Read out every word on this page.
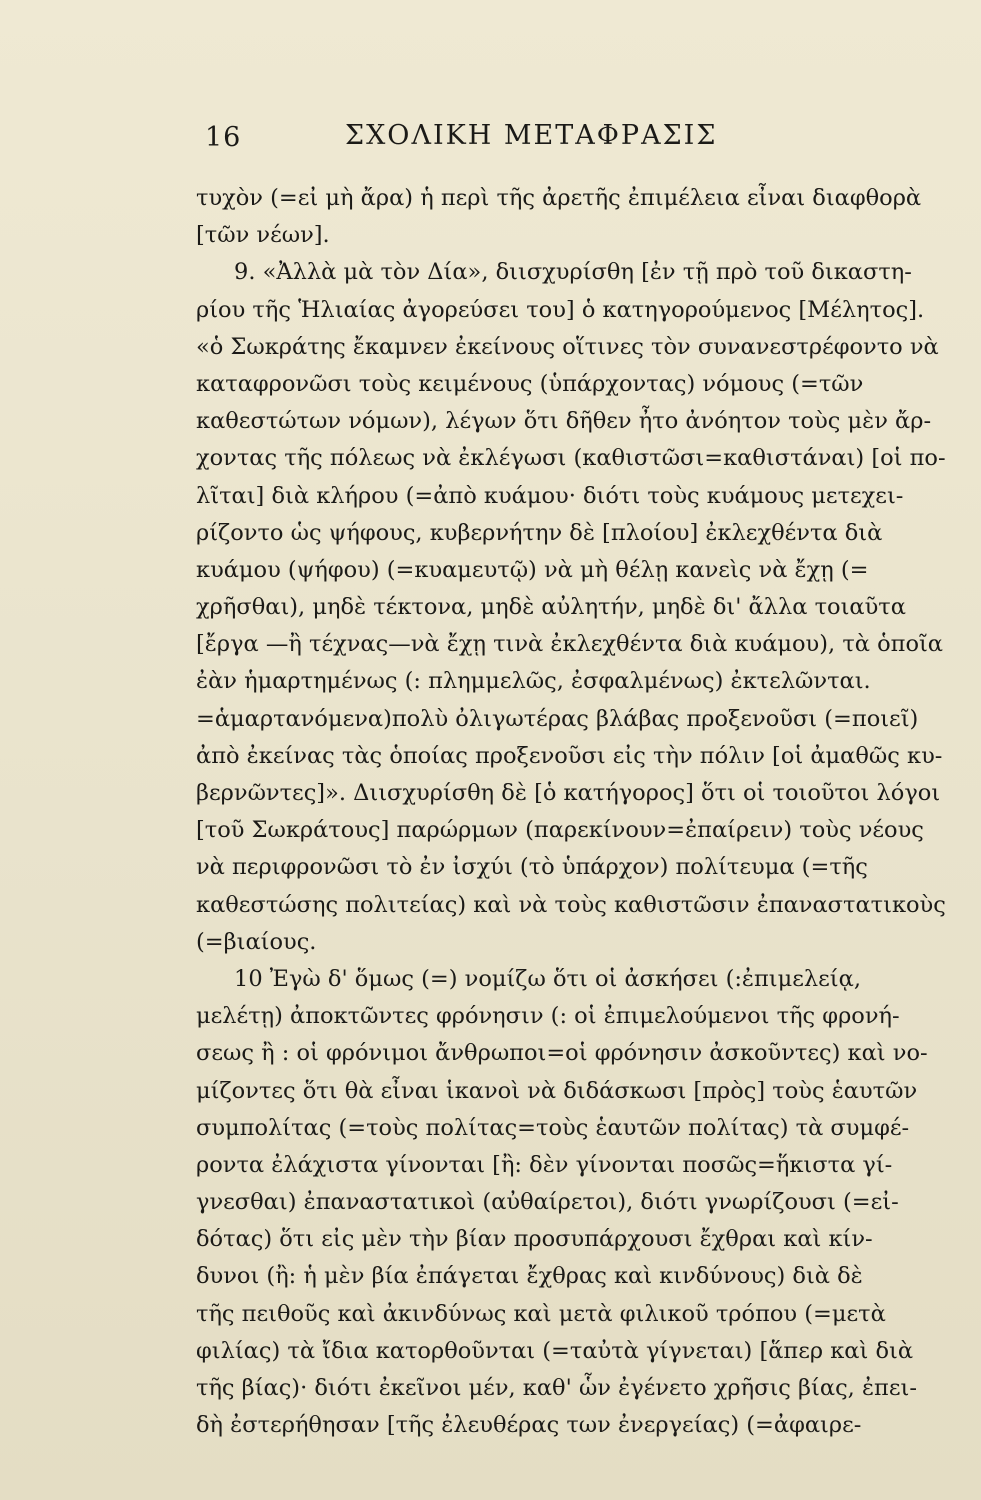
16	ΣΧΟΛΙΚΗ ΜΕΤΑΦΡΑΣΙΣ
τυχὸν (=εἰ μὴ ἄρα) ἡ περὶ τῆς ἀρετῆς ἐπιμέλεια εἶναι διαφθορὰ
[τῶν νέων].
9. «Ἀλλὰ μὰ τὸν Δία», διισχυρίσθη [ἐν τῇ πρὸ τοῦ δικαστη-
ρίου τῆς Ἡλιαίας ἀγορεύσει του] ὁ κατηγορούμενος [Μέλητος].
«ὁ Σωκράτης ἔκαμνεν ἐκείνους οἵτινες τὸν συνανεστρέφοντο νὰ
καταφρονῶσι τοὺς κειμένους (ὑπάρχοντας) νόμους (=τῶν
καθεστώτων νόμων), λέγων ὅτι δῆθεν ἦτο ἀνόητον τοὺς μὲν ἄρ-
χοντας τῆς πόλεως νὰ ἐκλέγωσι (καθιστῶσι=καθιστάναι) [οἱ πο-
λῖται] διὰ κλήρου (=ἀπὸ κυάμου· διότι τοὺς κυάμους μετεχει-
ρίζοντο ὡς ψήφους, κυβερνήτην δὲ [πλοίου] ἐκλεχθέντα διὰ
κυάμου (ψήφου) (=κυαμευτῷ) νὰ μὴ θέλῃ κανεὶς νὰ ἔχῃ (=
χρῆσθαι), μηδὲ τέκτονα, μηδὲ αὐλητήν, μηδὲ δι' ἄλλα τοιαῦτα
[ἔργα —ἢ τέχνας—νὰ ἔχῃ τινὰ ἐκλεχθέντα διὰ κυάμου), τὰ ὁποῖα
ἐὰν ἡμαρτημένως (: πλημμελῶς, ἐσφαλμένως) ἐκτελῶνται.
=ἁμαρτανόμενα)πολὺ ὀλιγωτέρας βλάβας προξενοῦσι (=ποιεῖ)
ἀπὸ ἐκείνας τὰς ὁποίας προξενοῦσι εἰς τὴν πόλιν [οἱ ἀμαθῶς κυ-
βερνῶντες]». Διισχυρίσθη δὲ [ὁ κατήγορος] ὅτι οἱ τοιοῦτοι λόγοι
[τοῦ Σωκράτους] παρώρμων (παρεκίνουν=ἐπαίρειν) τοὺς νέους
νὰ περιφρονῶσι τὸ ἐν ἰσχύι (τὸ ὑπάρχον) πολίτευμα (=τῆς
καθεστώσης πολιτείας) καὶ νὰ τοὺς καθιστῶσιν ἐπαναστατικοὺς
(=βιαίους.
10 Ἐγὼ δ' ὅμως (=) νομίζω ὅτι οἱ ἀσκήσει (:ἐπιμελείᾳ,
μελέτῃ) ἀποκτῶντες φρόνησιν (: οἱ ἐπιμελούμενοι τῆς φρονή-
σεως ἢ : οἱ φρόνιμοι ἄνθρωποι=οἱ φρόνησιν ἀσκοῦντες) καὶ νο-
μίζοντες ὅτι θὰ εἶναι ἱκανοὶ νὰ διδάσκωσι [πρὸς] τοὺς ἑαυτῶν
συμπολίτας (=τοὺς πολίτας=τοὺς ἑαυτῶν πολίτας) τὰ συμφέ-
ροντα ἐλάχιστα γίνονται [ἢ: δὲν γίνονται ποσῶς=ἥκιστα γί-
γνεσθαι) ἐπαναστατικοὶ (αὐθαίρετοι), διότι γνωρίζουσι (=εἰ-
δότας) ὅτι εἰς μὲν τὴν βίαν προσυπάρχουσι ἔχθραι καὶ κίν-
δυνοι (ἢ: ἡ μὲν βία ἐπάγεται ἔχθρας καὶ κινδύνους) διὰ δὲ
τῆς πειθοῦς καὶ ἀκινδύνως καὶ μετὰ φιλικοῦ τρόπου (=μετὰ
φιλίας) τὰ ἴδια κατορθοῦνται (=ταὐτὰ γίγνεται) [ἅπερ καὶ διὰ
τῆς βίας)· διότι ἐκεῖνοι μέν, καθ' ὧν ἐγένετο χρῆσις βίας, ἐπει-
δὴ ἐστερήθησαν [τῆς ἐλευθέρας των ἐνεργείας) (=ἀφαιρε-
